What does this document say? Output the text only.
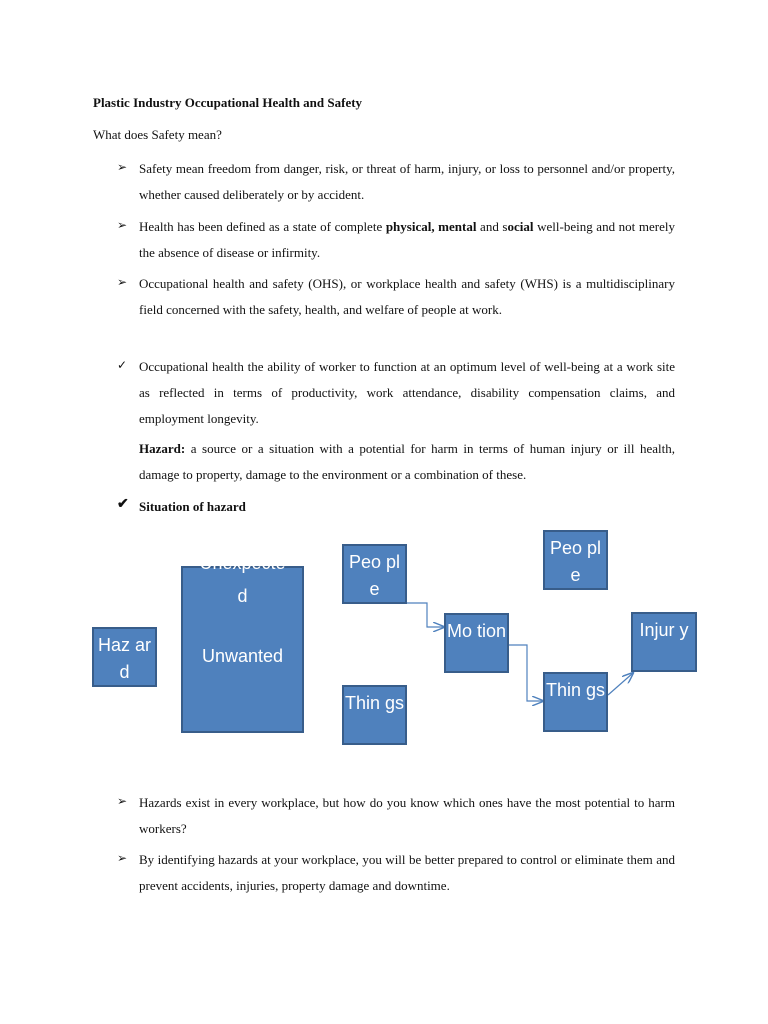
Plastic Industry Occupational Health and Safety
What does Safety mean?
➢ Safety mean freedom from danger, risk, or threat of harm, injury, or loss to personnel and/or property, whether caused deliberately or by accident.
➢ Health has been defined as a state of complete physical, mental and social well-being and not merely the absence of disease or infirmity.
➢ Occupational health and safety (OHS), or workplace health and safety (WHS) is a multidisciplinary field concerned with the safety, health, and welfare of people at work.
✓ Occupational health the ability of worker to function at an optimum level of well-being at a work site as reflected in terms of productivity, work attendance, disability compensation claims, and employment longevity.
Hazard: a source or a situation with a potential for harm in terms of human injury or ill health, damage to property, damage to the environment or a combination of these.
✔ Situation of hazard
Haz ard
Unexpecte
d
Unwanted
Peo ple
Thin gs
Mo tion
Peo ple
Thin gs
Injur y
➢ Hazards exist in every workplace, but how do you know which ones have the most potential to harm workers?
➢ By identifying hazards at your workplace, you will be better prepared to control or eliminate them and prevent accidents, injuries, property damage and downtime.
